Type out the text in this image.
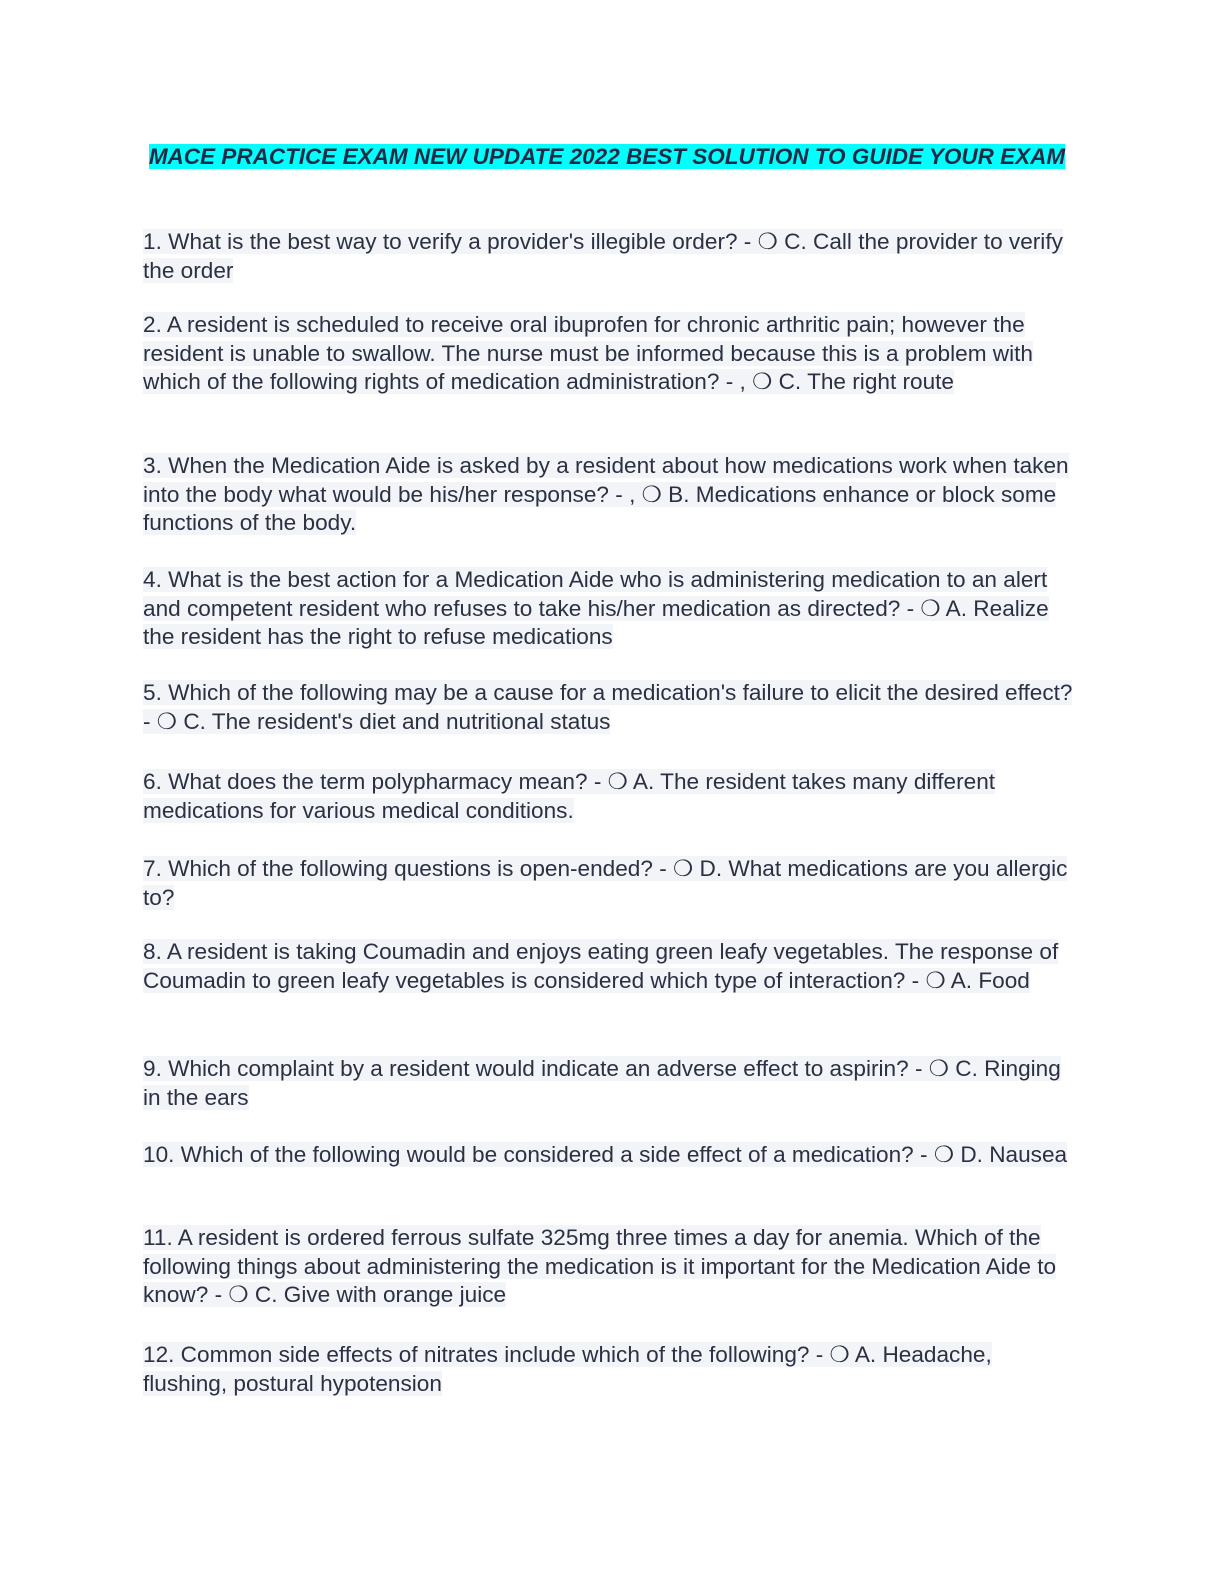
MACE PRACTICE EXAM NEW UPDATE 2022 BEST SOLUTION TO GUIDE YOUR EXAM
1. What is the best way to verify a provider's illegible order? - ❍ C. Call the provider to verify the order
2. A resident is scheduled to receive oral ibuprofen for chronic arthritic pain; however the resident is unable to swallow. The nurse must be informed because this is a problem with which of the following rights of medication administration? - , ❍ C. The right route
3. When the Medication Aide is asked by a resident about how medications work when taken into the body what would be his/her response? - , ❍ B. Medications enhance or block some functions of the body.
4. What is the best action for a Medication Aide who is administering medication to an alert and competent resident who refuses to take his/her medication as directed? - ❍ A. Realize the resident has the right to refuse medications
5. Which of the following may be a cause for a medication's failure to elicit the desired effect? - ❍ C. The resident's diet and nutritional status
6. What does the term polypharmacy mean? - ❍ A. The resident takes many different medications for various medical conditions.
7. Which of the following questions is open-ended? - ❍ D. What medications are you allergic to?
8. A resident is taking Coumadin and enjoys eating green leafy vegetables. The response of Coumadin to green leafy vegetables is considered which type of interaction? - ❍ A. Food
9. Which complaint by a resident would indicate an adverse effect to aspirin? - ❍ C. Ringing in the ears
10. Which of the following would be considered a side effect of a medication? - ❍ D. Nausea
11. A resident is ordered ferrous sulfate 325mg three times a day for anemia. Which of the following things about administering the medication is it important for the Medication Aide to know? - ❍ C. Give with orange juice
12. Common side effects of nitrates include which of the following? - ❍ A. Headache, flushing, postural hypotension
